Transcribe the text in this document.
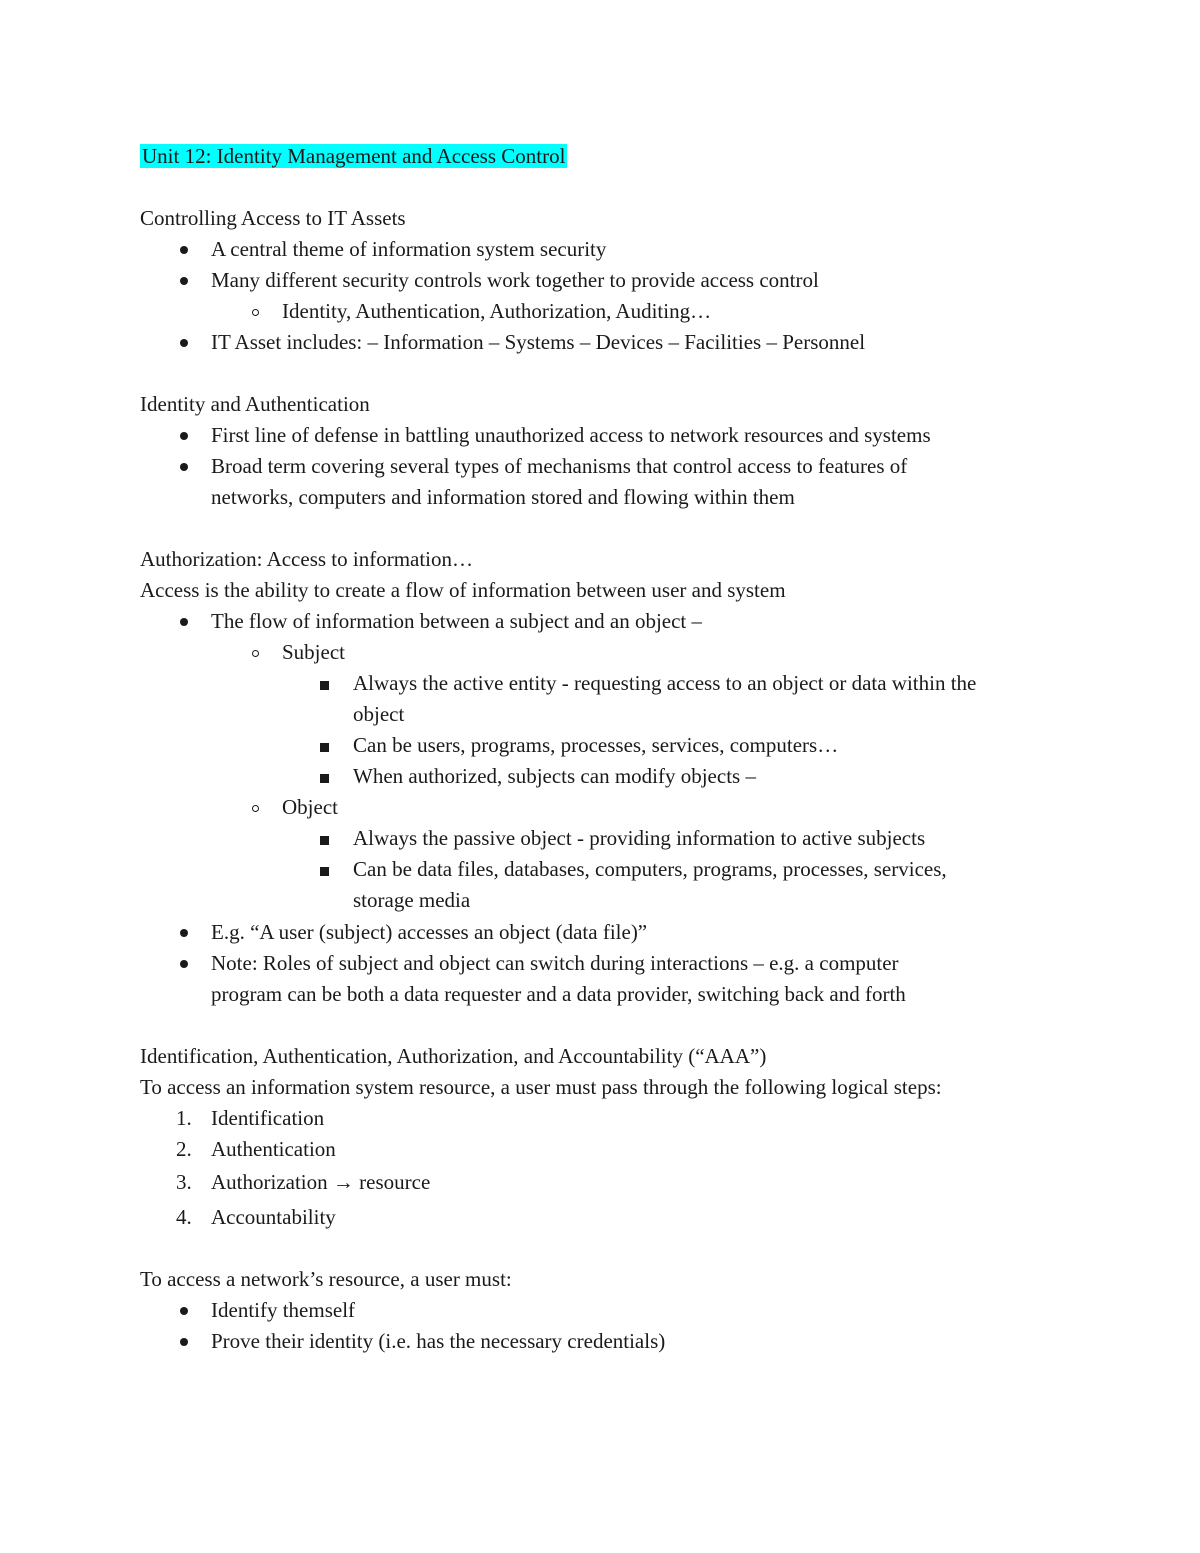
Unit 12: Identity Management and Access Control
Controlling Access to IT Assets
A central theme of information system security
Many different security controls work together to provide access control
Identity, Authentication, Authorization, Auditing…
IT Asset includes: – Information – Systems – Devices – Facilities – Personnel
Identity and Authentication
First line of defense in battling unauthorized access to network resources and systems
Broad term covering several types of mechanisms that control access to features of
networks, computers and information stored and flowing within them
Authorization: Access to information…
Access is the ability to create a flow of information between user and system
The flow of information between a subject and an object –
Subject
Always the active entity - requesting access to an object or data within the
object
Can be users, programs, processes, services, computers…
When authorized, subjects can modify objects –
Object
Always the passive object - providing information to active subjects
Can be data files, databases, computers, programs, processes, services,
storage media
E.g. “A user (subject) accesses an object (data file)”
Note: Roles of subject and object can switch during interactions – e.g. a computer
program can be both a data requester and a data provider, switching back and forth
Identification, Authentication, Authorization, and Accountability (“AAA”)
To access an information system resource, a user must pass through the following logical steps:
1. Identification
2. Authentication
3. Authorization → resource
4. Accountability
To access a network’s resource, a user must:
Identify themself
Prove their identity (i.e. has the necessary credentials)
